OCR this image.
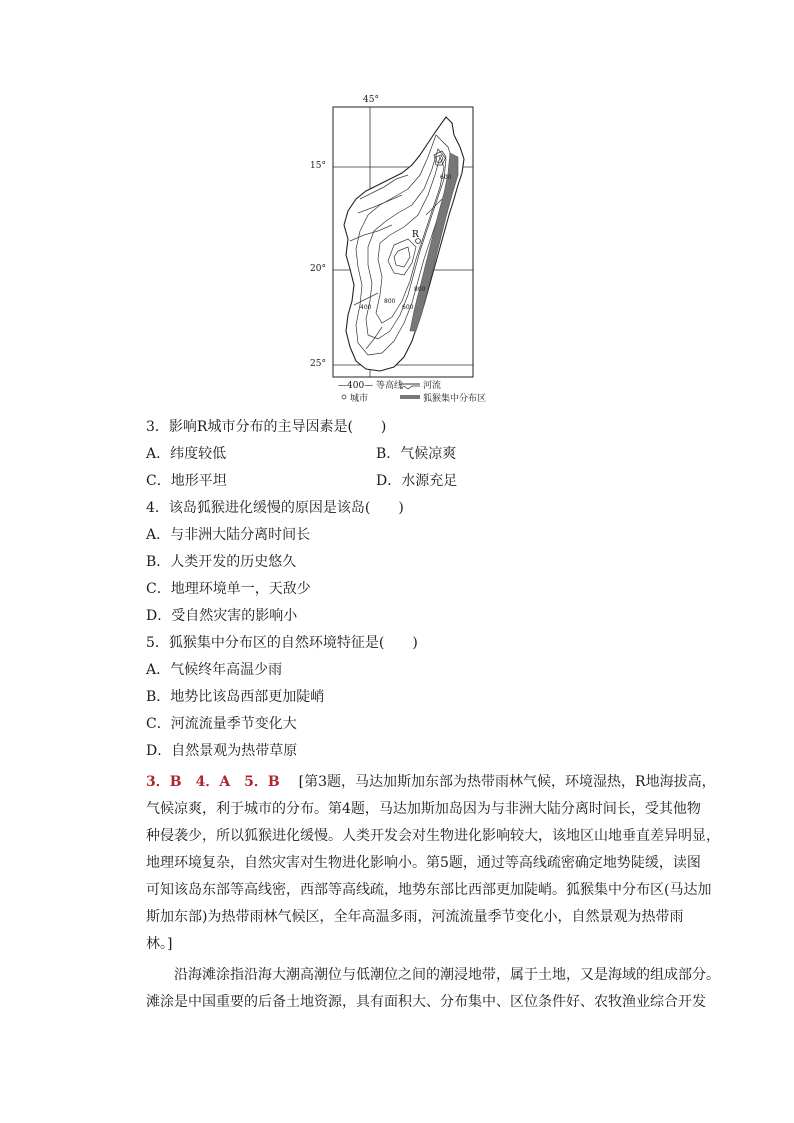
R
600
800
600
800
400
45°
15°
20°
25°
—400— 等高线 河流
城市	狐猴集中分布区
3．影响R城市分布的主导因素是(　　)
A．纬度较低	B．气候凉爽
C．地形平坦	D．水源充足
4．该岛狐猴进化缓慢的原因是该岛(　　)
A．与非洲大陆分离时间长
B．人类开发的历史悠久
C．地理环境单一，天敌少
D．受自然灾害的影响小
5．狐猴集中分布区的自然环境特征是(　　)
A．气候终年高温少雨
B．地势比该岛西部更加陡峭
C．河流流量季节变化大
D．自然景观为热带草原
3．B　4．A　5．B [第3题，马达加斯加东部为热带雨林气候，环境湿热，R地海拔高，
气候凉爽，利于城市的分布。第4题，马达加斯加岛因为与非洲大陆分离时间长，受其他物
种侵袭少，所以狐猴进化缓慢。人类开发会对生物进化影响较大，该地区山地垂直差异明显，
地理环境复杂，自然灾害对生物进化影响小。第5题，通过等高线疏密确定地势陡缓，读图
可知该岛东部等高线密，西部等高线疏，地势东部比西部更加陡峭。狐猴集中分布区(马达加
斯加东部)为热带雨林气候区，全年高温多雨，河流流量季节变化小，自然景观为热带雨
林。]
沿海滩涂指沿海大潮高潮位与低潮位之间的潮浸地带，属于土地，又是海域的组成部分。
滩涂是中国重要的后备土地资源，具有面积大、分布集中、区位条件好、农牧渔业综合开发
